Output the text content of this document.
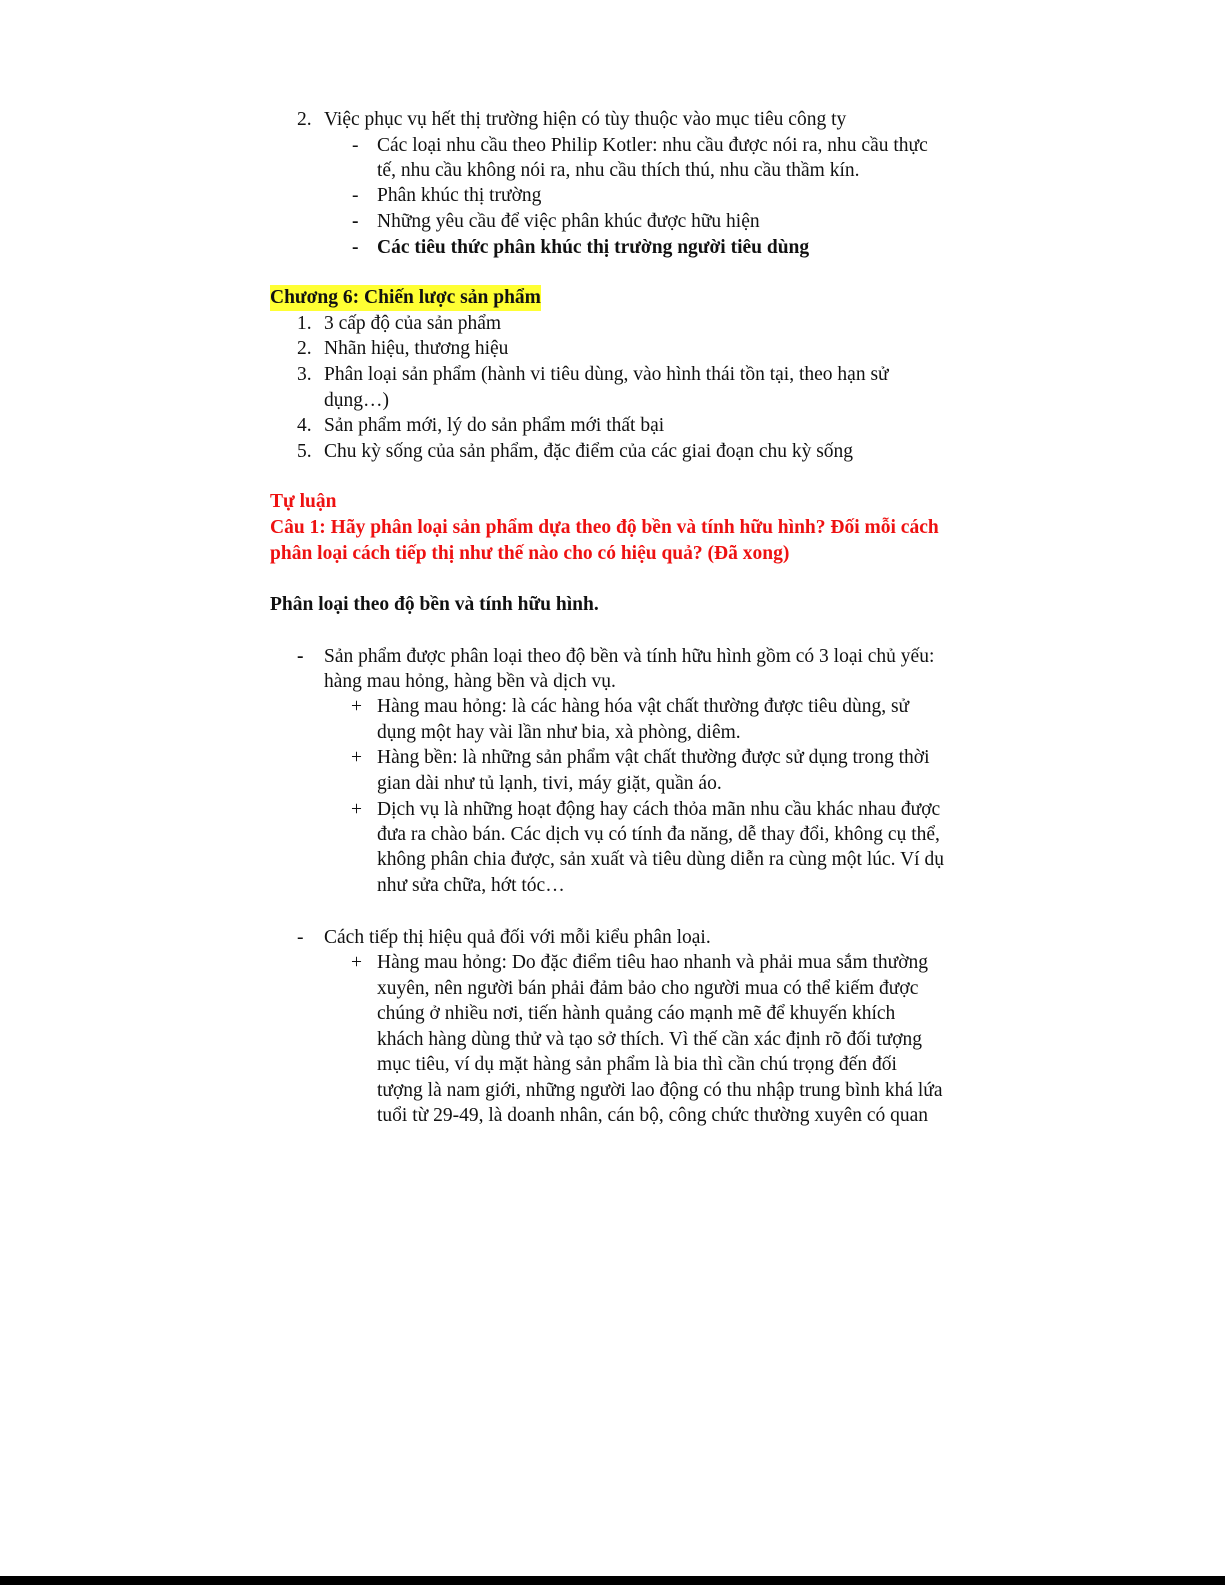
2. Việc phục vụ hết thị trường hiện có tùy thuộc vào mục tiêu công ty
- Các loại nhu cầu theo Philip Kotler: nhu cầu được nói ra, nhu cầu thực
tế, nhu cầu không nói ra, nhu cầu thích thú, nhu cầu thầm kín.
- Phân khúc thị trường
- Những yêu cầu để việc phân khúc được hữu hiện
- Các tiêu thức phân khúc thị trường người tiêu dùng
Chương 6: Chiến lược sản phẩm
1. 3 cấp độ của sản phẩm
2. Nhãn hiệu, thương hiệu
3. Phân loại sản phẩm (hành vi tiêu dùng, vào hình thái tồn tại, theo hạn sử
dụng…)
4. Sản phẩm mới, lý do sản phẩm mới thất bại
5. Chu kỳ sống của sản phẩm, đặc điểm của các giai đoạn chu kỳ sống
Tự luận
Câu 1: Hãy phân loại sản phẩm dựa theo độ bền và tính hữu hình? Đối mỗi cách
phân loại cách tiếp thị như thế nào cho có hiệu quả? (Đã xong)
Phân loại theo độ bền và tính hữu hình.
- Sản phẩm được phân loại theo độ bền và tính hữu hình gồm có 3 loại chủ yếu:
hàng mau hỏng, hàng bền và dịch vụ.
+ Hàng mau hỏng: là các hàng hóa vật chất thường được tiêu dùng, sử
dụng một hay vài lần như bia, xà phòng, diêm.
+ Hàng bền: là những sản phẩm vật chất thường được sử dụng trong thời
gian dài như tủ lạnh, tivi, máy giặt, quần áo.
+ Dịch vụ là những hoạt động hay cách thỏa mãn nhu cầu khác nhau được
đưa ra chào bán. Các dịch vụ có tính đa năng, dễ thay đổi, không cụ thể,
không phân chia được, sản xuất và tiêu dùng diễn ra cùng một lúc. Ví dụ
như sửa chữa, hớt tóc…
- Cách tiếp thị hiệu quả đối với mỗi kiểu phân loại.
+ Hàng mau hỏng: Do đặc điểm tiêu hao nhanh và phải mua sắm thường
xuyên, nên người bán phải đảm bảo cho người mua có thể kiếm được
chúng ở nhiều nơi, tiến hành quảng cáo mạnh mẽ để khuyến khích
khách hàng dùng thử và tạo sở thích. Vì thế cần xác định rõ đối tượng
mục tiêu, ví dụ mặt hàng sản phẩm là bia thì cần chú trọng đến đối
tượng là nam giới, những người lao động có thu nhập trung bình khá lứa
tuổi từ 29-49, là doanh nhân, cán bộ, công chức thường xuyên có quan
